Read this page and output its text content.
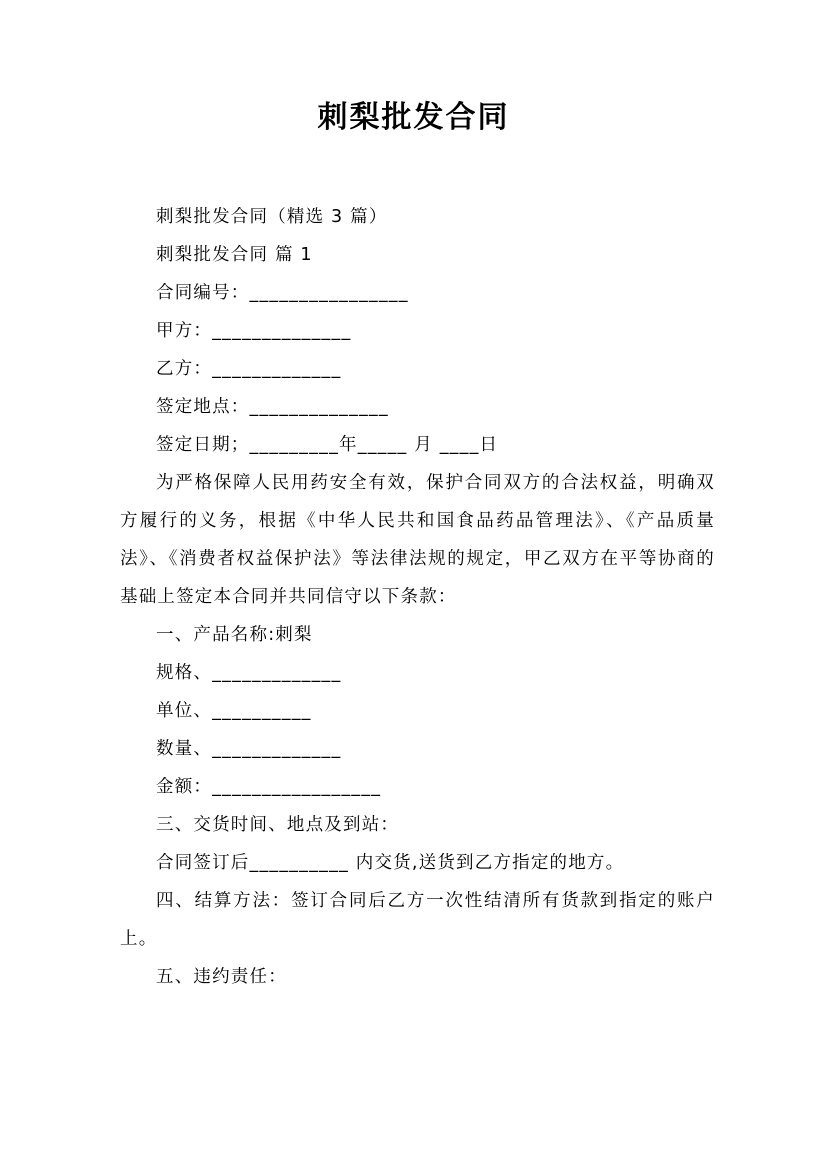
刺梨批发合同

刺梨批发合同（精选 3 篇）

刺梨批发合同 篇 1

合同编号：________________

甲方：______________

乙方：_____________

签定地点：______________

签定日期；_________年_____ 月 ____日

为严格保障人民用药安全有效，保护合同双方的合法权益，明确双方履行的义务，根据《中华人民共和国食品药品管理法》、《产品质量法》、《消费者权益保护法》等法律法规的规定，甲乙双方在平等协商的基础上签定本合同并共同信守以下条款：

一、产品名称:刺梨

规格、_____________

单位、__________

数量、_____________

金额：_________________

三、交货时间、地点及到站：

合同签订后__________ 内交货,送货到乙方指定的地方。

四、结算方法：签订合同后乙方一次性结清所有货款到指定的账户上。

五、违约责任：
